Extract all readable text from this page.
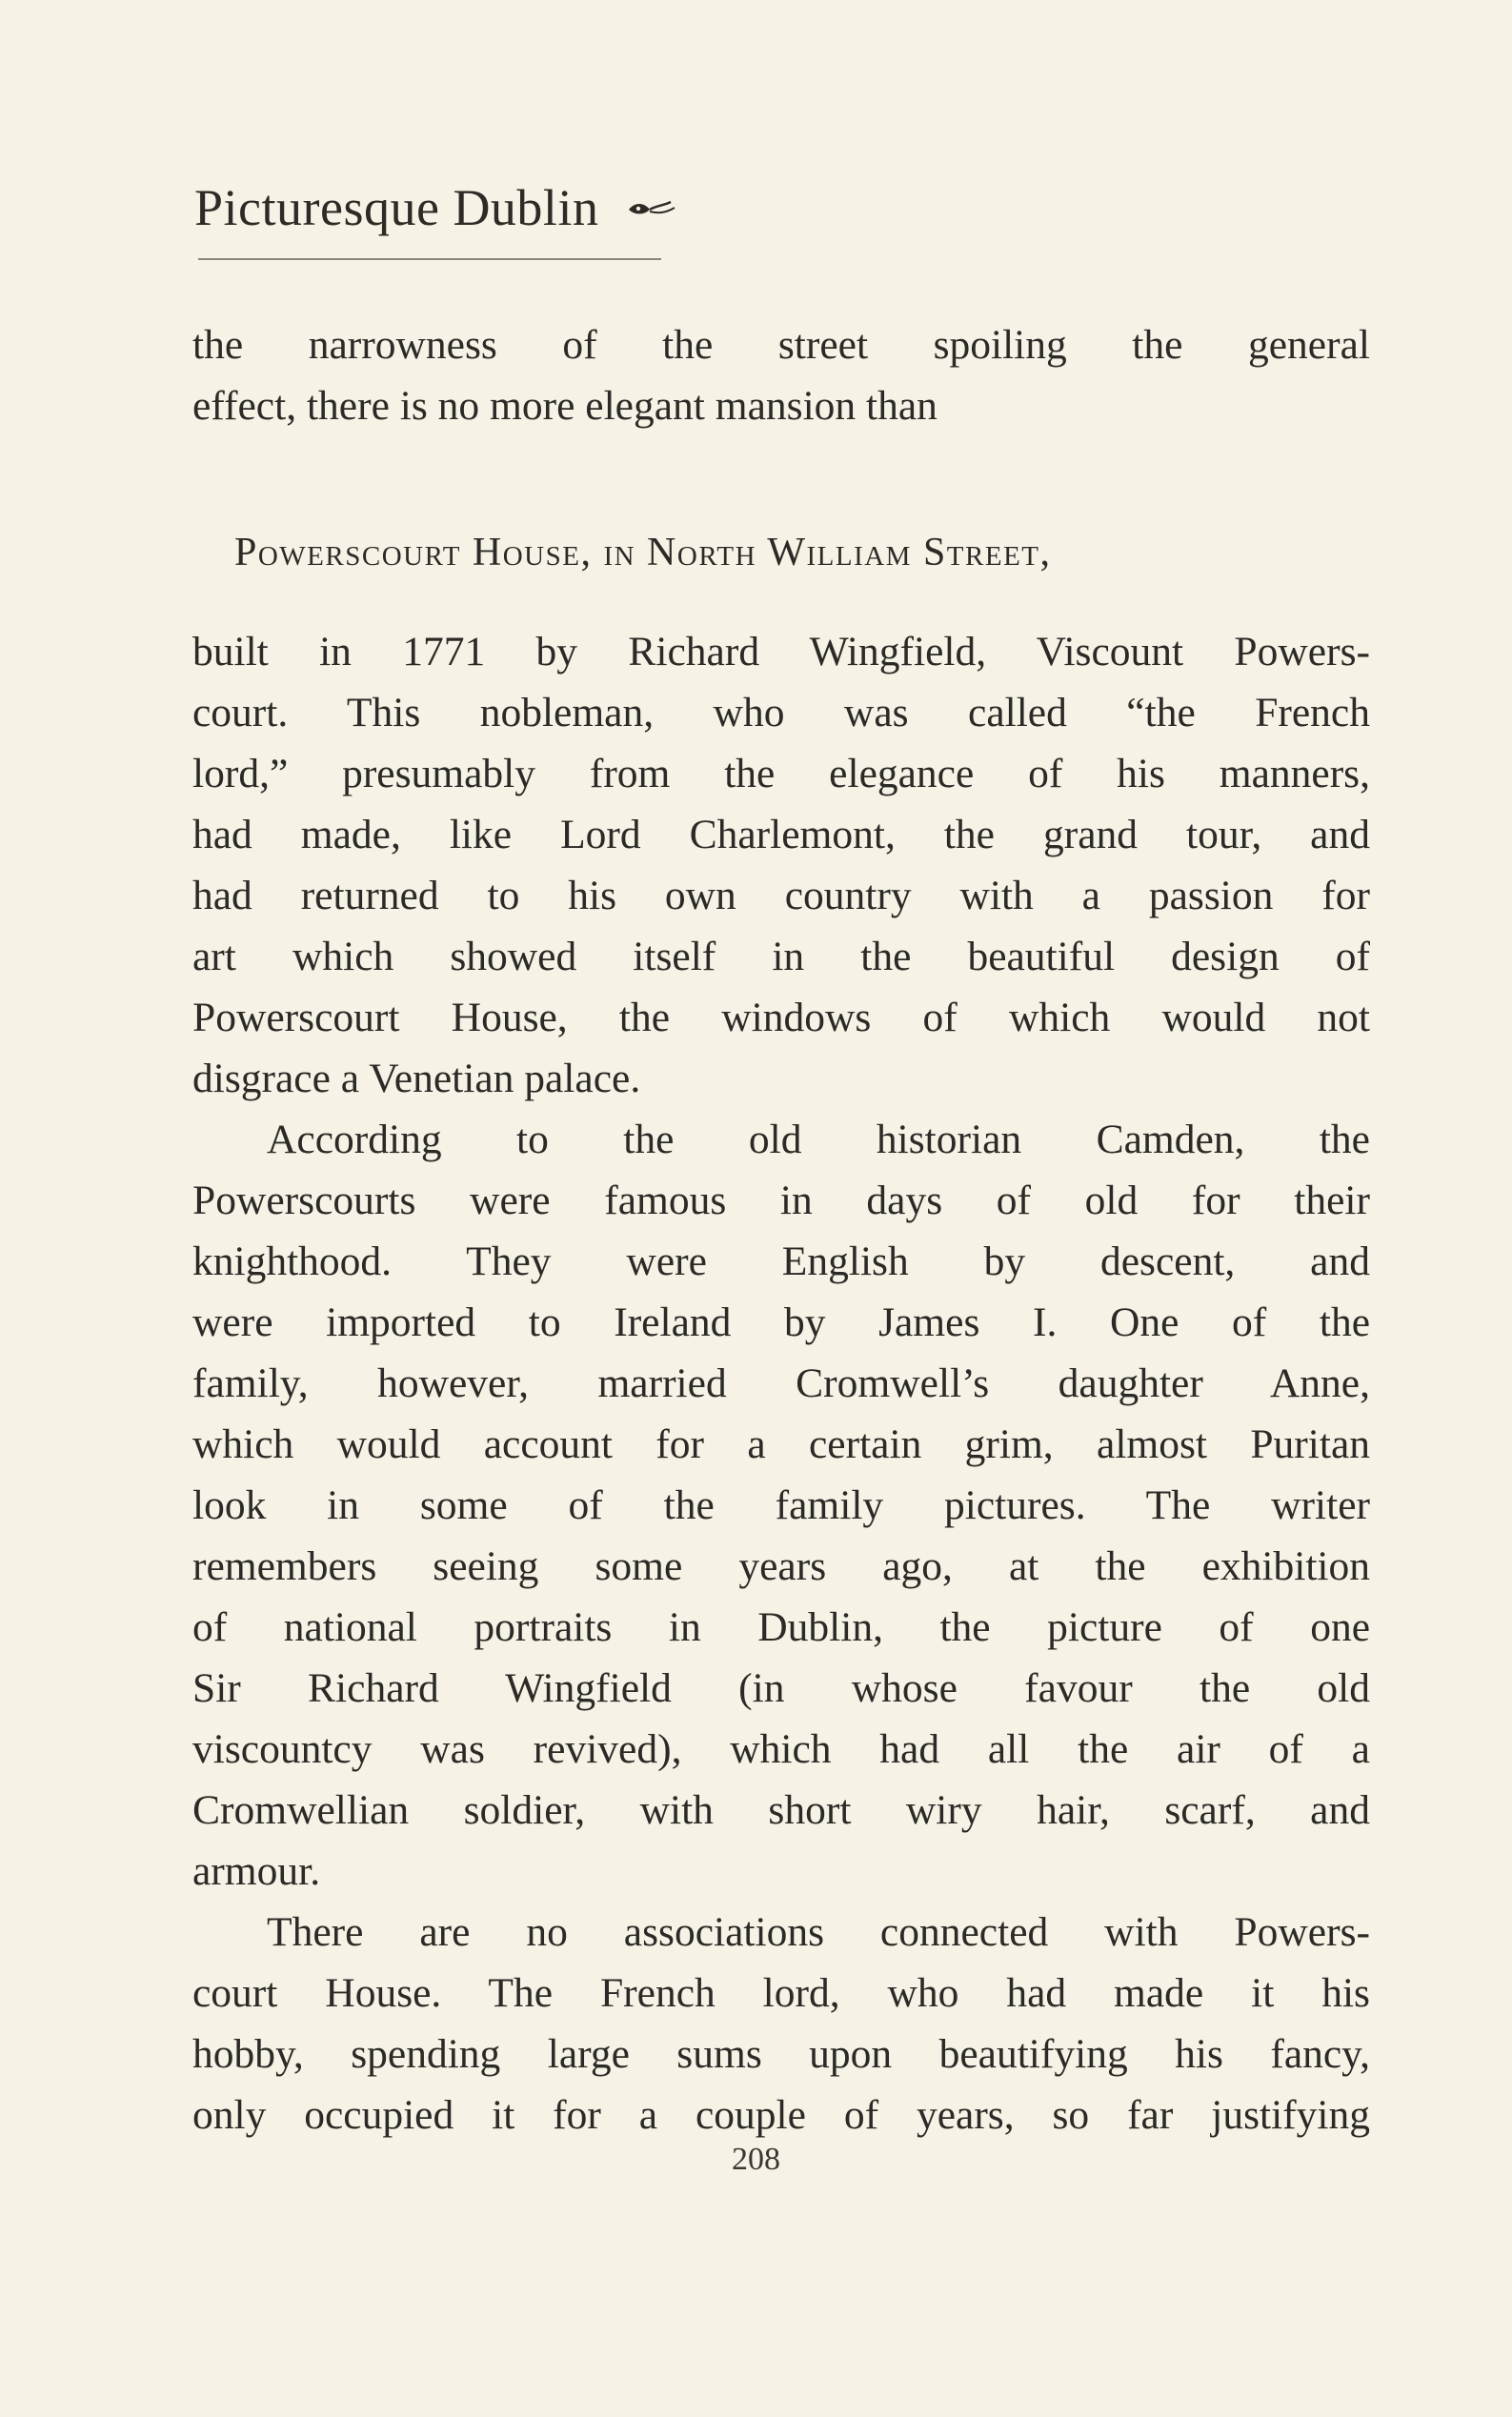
Picturesque Dublin
the narrowness of the street spoiling the general
effect, there is no more elegant mansion than
Powerscourt House, in North William Street,
built in 1771 by Richard Wingfield, Viscount Powers-
court. This nobleman, who was called “the French
lord,” presumably from the elegance of his manners,
had made, like Lord Charlemont, the grand tour, and
had returned to his own country with a passion for
art which showed itself in the beautiful design of
Powerscourt House, the windows of which would not
disgrace a Venetian palace.
According to the old historian Camden, the
Powerscourts were famous in days of old for their
knighthood. They were English by descent, and
were imported to Ireland by James I. One of the
family, however, married Cromwell’s daughter Anne,
which would account for a certain grim, almost Puritan
look in some of the family pictures. The writer
remembers seeing some years ago, at the exhibition
of national portraits in Dublin, the picture of one
Sir Richard Wingfield (in whose favour the old
viscountcy was revived), which had all the air of a
Cromwellian soldier, with short wiry hair, scarf, and
armour.
There are no associations connected with Powers-
court House. The French lord, who had made it his
hobby, spending large sums upon beautifying his fancy,
only occupied it for a couple of years, so far justifying
208
